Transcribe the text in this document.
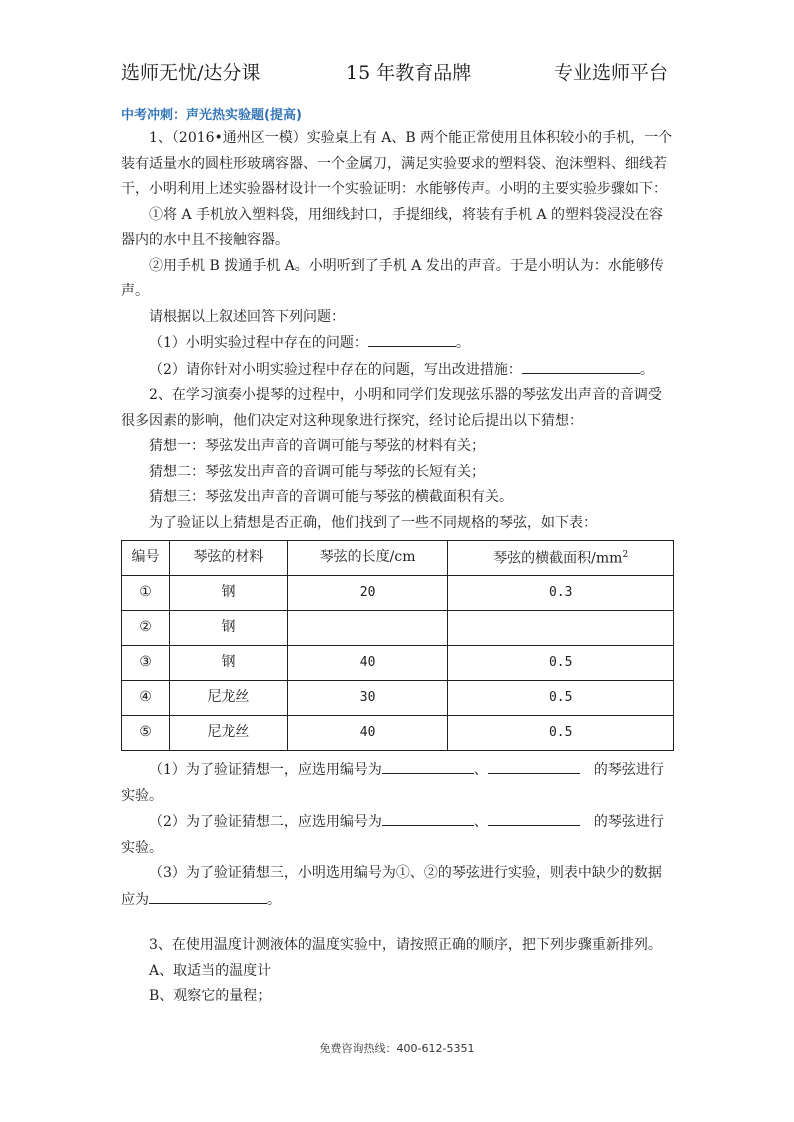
选师无忧/达分课	15 年教育品牌	专业选师平台
中考冲刺：声光热实验题(提高)

1、（2016•通州区一模）实验桌上有 A、B 两个能正常使用且体积较小的手机，一个装有适量水的圆柱形玻璃容器、一个金属刀，满足实验要求的塑料袋、泡沫塑料、细线若干，小明利用上述实验器材设计一个实验证明：水能够传声。小明的主要实验步骤如下：

①将 A 手机放入塑料袋，用细线封口，手提细线，将装有手机 A 的塑料袋浸没在容器内的水中且不接触容器。

②用手机 B 拨通手机 A。小明听到了手机 A 发出的声音。于是小明认为：水能够传声。

请根据以上叙述回答下列问题：

（1）小明实验过程中存在的问题：	。

（2）请你针对小明实验过程中存在的问题，写出改进措施：	。

2、在学习演奏小提琴的过程中，小明和同学们发现弦乐器的琴弦发出声音的音调受很多因素的影响，他们决定对这种现象进行探究，经讨论后提出以下猜想：

猜想一：琴弦发出声音的音调可能与琴弦的材料有关；

猜想二：琴弦发出声音的音调可能与琴弦的长短有关；

猜想三：琴弦发出声音的音调可能与琴弦的横截面积有关。

为了验证以上猜想是否正确，他们找到了一些不同规格的琴弦，如下表：

编号	琴弦的材料	琴弦的长度/cm	琴弦的横截面积$/mm^2$
①	钢	20	0.3
②	钢		
③	钢	40	0.5
④	尼龙丝	30	0.5
⑤	尼龙丝	40	0.5

（1）为了验证猜想一，应选用编号为	、　	的琴弦进行实验。

（2）为了验证猜想二，应选用编号为	、　	的琴弦进行实验。

（3）为了验证猜想三，小明选用编号为①、②的琴弦进行实验，则表中缺少的数据应为	。

3、在使用温度计测液体的温度实验中，请按照正确的顺序，把下列步骤重新排列。

A、取适当的温度计

B、观察它的量程；

免费咨询热线：400-612-5351
